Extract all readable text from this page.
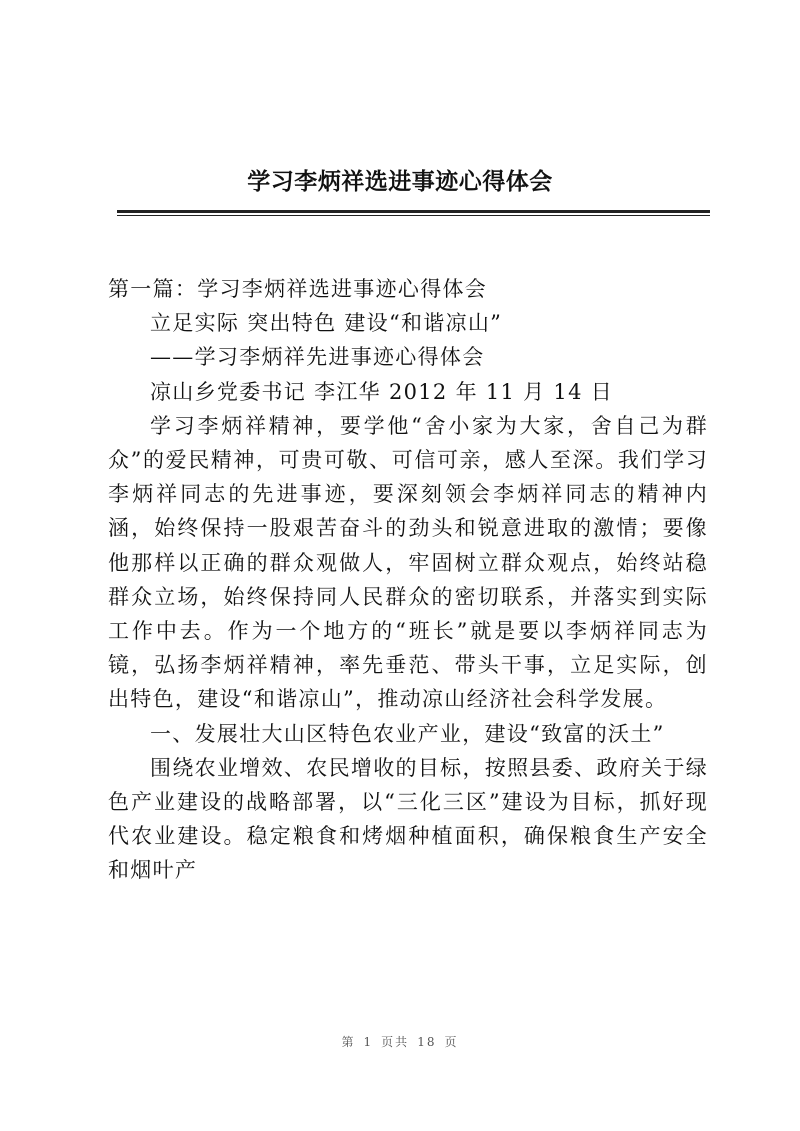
学习李炳祥选进事迹心得体会

第一篇：学习李炳祥选进事迹心得体会

立足实际 突出特色 建设“和谐凉山”

——学习李炳祥先进事迹心得体会

凉山乡党委书记 李江华 2012 年 11 月 14 日

学习李炳祥精神，要学他“舍小家为大家，舍自己为群众”的爱民精神，可贵可敬、可信可亲，感人至深。我们学习李炳祥同志的先进事迹，要深刻领会李炳祥同志的精神内涵，始终保持一股艰苦奋斗的劲头和锐意进取的激情；要像他那样以正确的群众观做人，牢固树立群众观点，始终站稳群众立场，始终保持同人民群众的密切联系，并落实到实际工作中去。作为一个地方的“班长”就是要以李炳祥同志为镜，弘扬李炳祥精神，率先垂范、带头干事，立足实际，创出特色，建设“和谐凉山”，推动凉山经济社会科学发展。

一、发展壮大山区特色农业产业，建设“致富的沃土”

围绕农业增效、农民增收的目标，按照县委、政府关于绿色产业建设的战略部署，以“三化三区”建设为目标，抓好现代农业建设。稳定粮食和烤烟种植面积，确保粮食生产安全和烟叶产

第 1 页共 18 页
